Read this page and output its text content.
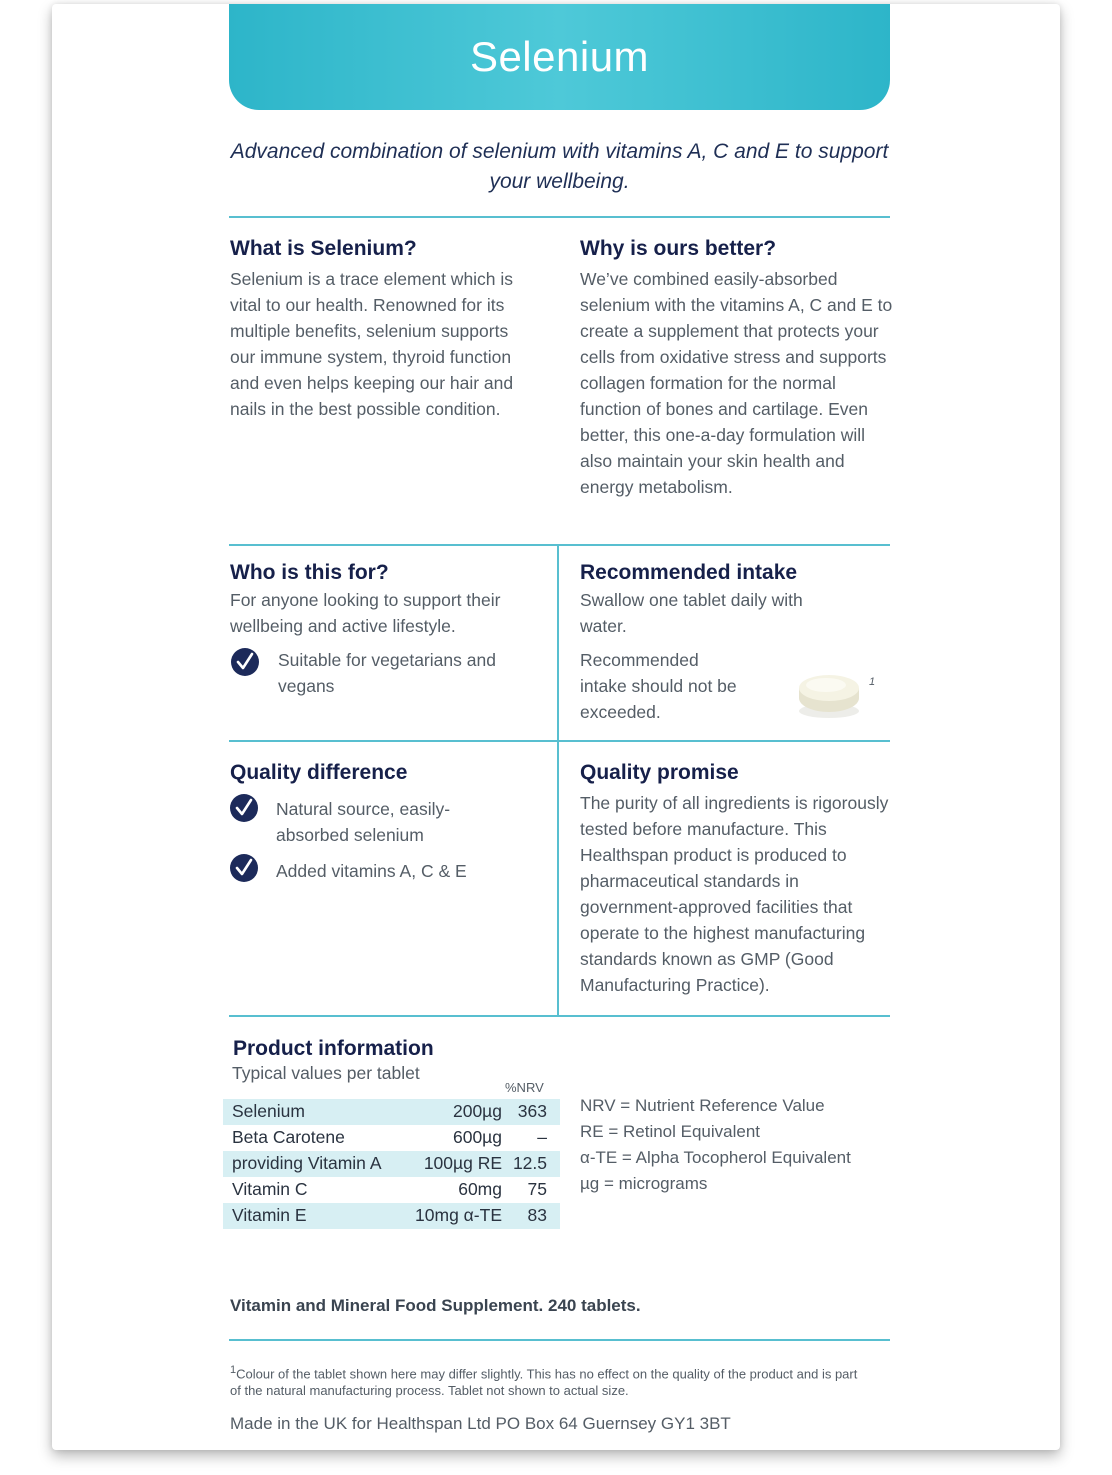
Selenium
Advanced combination of selenium with vitamins A, C and E to support your wellbeing.
What is Selenium?
Selenium is a trace element which is vital to our health. Renowned for its multiple benefits, selenium supports our immune system, thyroid function and even helps keeping our hair and nails in the best possible condition.
Why is ours better?
We’ve combined easily-absorbed selenium with the vitamins A, C and E to create a supplement that protects your cells from oxidative stress and supports collagen formation for the normal function of bones and cartilage. Even better, this one-a-day formulation will also maintain your skin health and energy metabolism.
Who is this for?
For anyone looking to support their wellbeing and active lifestyle.
Suitable for vegetarians and vegans
Recommended intake
Swallow one tablet daily with water.
Recommended intake should not be exceeded.
1
Quality difference
Natural source, easily-absorbed selenium
Added vitamins A, C & E
Quality promise
The purity of all ingredients is rigorously tested before manufacture. This Healthspan product is produced to pharmaceutical standards in government-approved facilities that operate to the highest manufacturing standards known as GMP (Good Manufacturing Practice).
Product information
Typical values per tablet
%NRV
Selenium	200µg 363
Beta Carotene	600µg –
providing Vitamin A 100µg RE 12.5
Vitamin C	60mg 75
Vitamin E	10mg α-TE 83
NRV = Nutrient Reference Value
RE = Retinol Equivalent
α-TE = Alpha Tocopherol Equivalent
µg = micrograms
Vitamin and Mineral Food Supplement. 240 tablets.
$^1$Colour of the tablet shown here may differ slightly. This has no effect on the quality of the product and is part of the natural manufacturing process. Tablet not shown to actual size.
Made in the UK for Healthspan Ltd PO Box 64 Guernsey GY1 3BT
